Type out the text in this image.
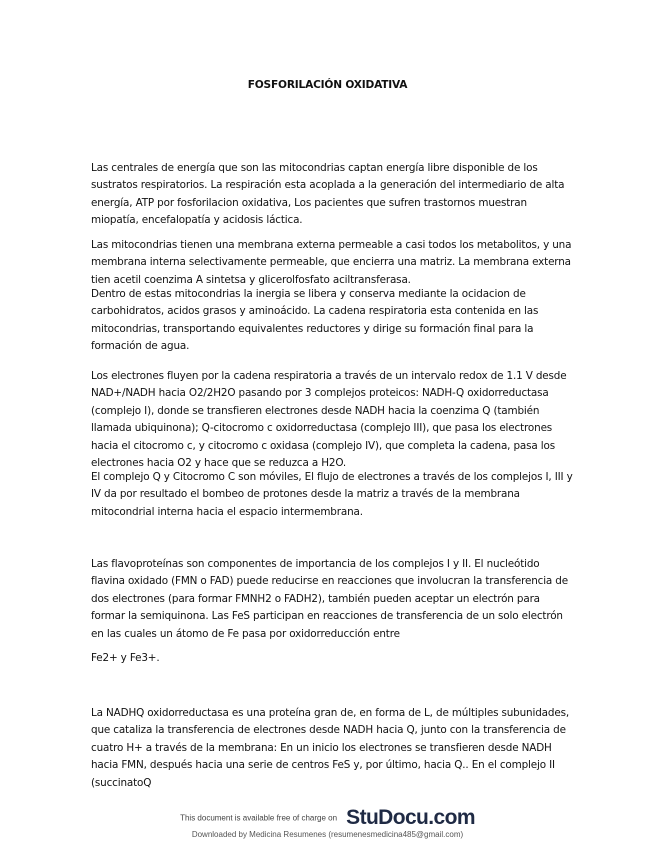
FOSFORILACIÓN OXIDATIVA

Las centrales de energía que son las mitocondrias captan energía libre disponible de los sustratos respiratorios. La respiración esta acoplada a la generación del intermediario de alta energía, ATP por fosforilacion oxidativa, Los pacientes que sufren trastornos muestran miopatía, encefalopatía y acidosis láctica.

Las mitocondrias tienen una membrana externa permeable a casi todos los metabolitos, y una membrana interna selectivamente permeable, que encierra una matriz. La membrana externa tien acetil coenzima A sintetsa y glicerolfosfato aciltransferasa.

Dentro de estas mitocondrias la inergia se libera y conserva mediante la ocidacion de carbohidratos, acidos grasos y aminoácido. La cadena respiratoria esta contenida en las mitocondrias, transportando equivalentes reductores y dirige su formación final para la formación de agua.

Los electrones fluyen por la cadena respiratoria a través de un intervalo redox de 1.1 V desde NAD+/NADH hacia O2/2H2O pasando por 3 complejos proteicos: NADH-Q oxidorreductasa (complejo I), donde se transfieren electrones desde NADH hacia la coenzima Q (también llamada ubiquinona); Q-citocromo c oxidorreductasa (complejo III), que pasa los electrones hacia el citocromo c, y citocromo c oxidasa (complejo IV), que completa la cadena, pasa los electrones hacia O2 y hace que se reduzca a H2O.

El complejo Q y Citocromo C son móviles, El flujo de electrones a través de los complejos I, III y IV da por resultado el bombeo de protones desde la matriz a través de la membrana mitocondrial interna hacia el espacio intermembrana.

Las flavoproteínas son componentes de importancia de los complejos I y II. El nucleótido flavina oxidado (FMN o FAD) puede reducirse en reacciones que involucran la transferencia de dos electrones (para formar FMNH2 o FADH2), también pueden aceptar un electrón para formar la semiquinona. Las FeS participan en reacciones de transferencia de un solo electrón en las cuales un átomo de Fe pasa por oxidorreducción entre

Fe2+ y Fe3+.

La NADHQ oxidorreductasa es una proteína gran de, en forma de L, de múltiples subunidades, que cataliza la transferencia de electrones desde NADH hacia Q, junto con la transferencia de cuatro H+ a través de la membrana: En un inicio los electrones se transfieren desde NADH hacia FMN, después hacia una serie de centros FeS y, por último, hacia Q.. En el complejo II (succinatoQ

This document is available free of charge on StuDocu.com
Downloaded by Medicina Resumenes (resumenesmedicina485@gmail.com)
